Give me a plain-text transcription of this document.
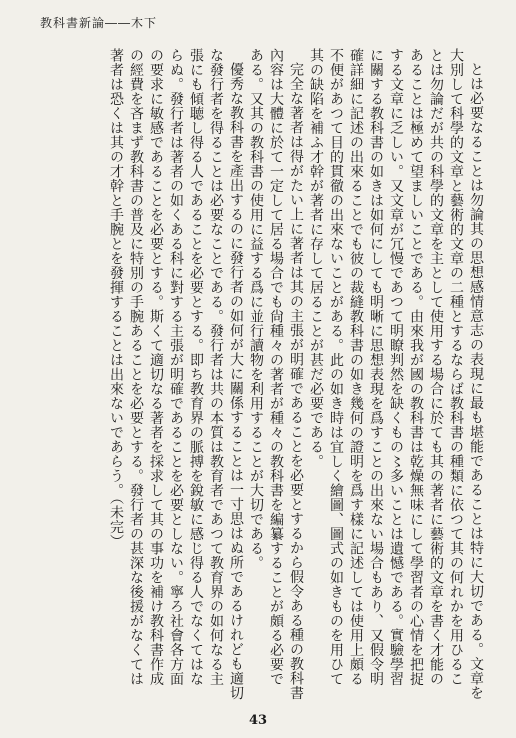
教科書新論――木下

とは必要なることは勿論其の思想感情意志の表現に最も堪能であることは特に大切である。文章を大別して科學的文章と藝術的文章の二種とするならば教科書の種類に依つて其の何れかを用ひることは勿論だが共の科學的文章を主として使用する場合に於ても其の著者に藝術的文章を書く才能のあることは極めて望ましいことである。由來我が國の教科書は乾燥無味にして學習者の心情を把捉する文章に乏しい。又文章が冗慢であつて明瞭判然を缺くもの〻多いことは遺憾である。實驗學習に關する教科書の如きは如何にしても明晰に思想表現を爲すことの出來ない場合もあり、又假令明確詳細に記述の出來ることでも彼の裁縫教科書の如き幾何の證明を爲す樣に記述しては使用上頗る不便があつて目的貫徹の出來ないことがある。此の如き時は宜しく繪圖、圖式の如きものを用ひて其の缺陷を補ふ才幹が著者に存して居ることが甚だ必要である。

完全な著者は得がたい上に著者は其の主張が明確であることを必要とするから假令ある種の教科書內容は大體に於て一定して居る場合でも尙種々の著者が種々の教科書を編纂することが頗る必要である。又其の教科書の使用に益する爲に並行讀物を利用することが大切である。

優秀な教科書を產出するのに發行者の如何が大に關係することは一寸思はぬ所であるけれども適切な發行者を得ることは必要なことである。發行者は共の本質は教育者であつて教育界の如何なる主張にも傾聴し得る人であることを必要とする。即ち教育界の脈搏を銳敏に感じ得る人でなくてはならぬ。發行者は著者の如くある科に對する主張が明確であることを必要としない。寧ろ社會各方面の要求に敏感であることを必要とする。斯くて適切なる著者を採求して其の事功を補け教科書作成の經費を吝まず教科書の普及に特別の手腕あることを必要とする。發行者の甚深な後援がなくては著者は恐くは其の才幹と手腕とを發揮することは出來ないであらう。（未完）

43
